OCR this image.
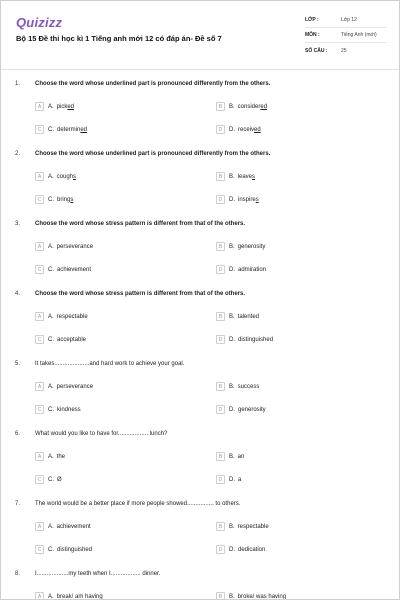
Quizizz
Bộ 15 Đề thi học kì 1 Tiếng anh mới 12 có đáp án- Đề số 7
LỚP :	Lớp 12
MÔN :	Tiếng Anh (mới)
SỐ CÂU :	25
1. Choose the word whose underlined part is pronounced differently from the others.
A	A. picked	B	B. considered
C	C. determined	D	D. received
2. Choose the word whose underlined part is pronounced differently from the others.
A	A. coughs	B	B. leaves
C	C. brings	D	D. inspires
3. Choose the word whose stress pattern is different from that of the others.
A	A. perseverance	B	B. generosity
C	C. achievement	D	D. admiration
4. Choose the word whose stress pattern is different from that of the others.
A	A. respectable	B	B. talented
C	C. acceptable	D	D. distinguished
5. It takes.....................and hard work to achieve your goal.
A	A. perseverance	B	B. success
C	C. kindness	D	D. generosity
6. What would you like to have for.................. lunch?
A	A. the	B	B. an
C	C. Ø	D	D. a
7. The world would be a better place if more people showed................ to others.
A	A. achievement	B	B. respectable
C	C. distinguished	D	D. dedication
8. I...................my teeth when I.................. dinner.
A	A. break/ am having	B	B. broke/ was having
